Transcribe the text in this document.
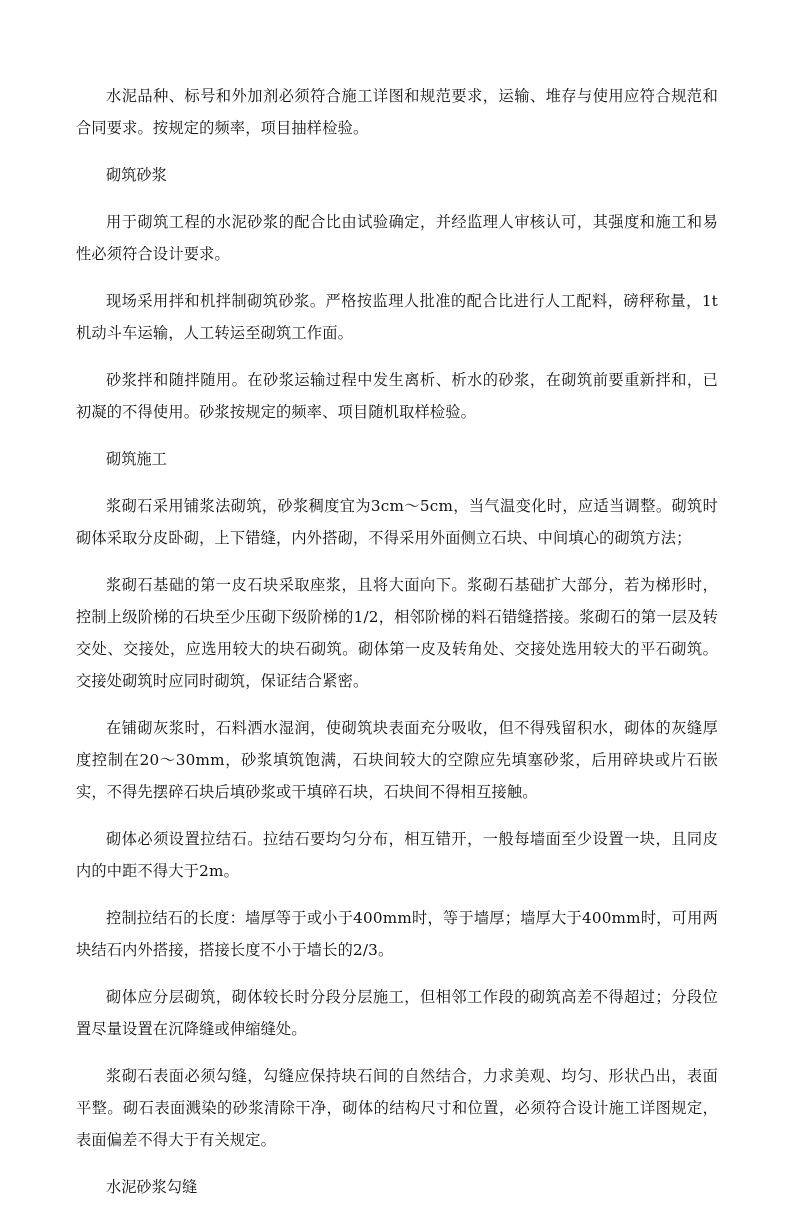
水泥品种、标号和外加剂必须符合施工详图和规范要求，运输、堆存与使用应符合规范和合同要求。按规定的频率，项目抽样检验。

砌筑砂浆

用于砌筑工程的水泥砂浆的配合比由试验确定，并经监理人审核认可，其强度和施工和易性必须符合设计要求。

现场采用拌和机拌制砌筑砂浆。严格按监理人批准的配合比进行人工配料，磅秤称量，1t机动斗车运输，人工转运至砌筑工作面。

砂浆拌和随拌随用。在砂浆运输过程中发生离析、析水的砂浆，在砌筑前要重新拌和，已初凝的不得使用。砂浆按规定的频率、项目随机取样检验。

砌筑施工

浆砌石采用铺浆法砌筑，砂浆稠度宜为3cm～5cm，当气温变化时，应适当调整。砌筑时砌体采取分皮卧砌，上下错缝，内外搭砌，不得采用外面侧立石块、中间填心的砌筑方法；

浆砌石基础的第一皮石块采取座浆，且将大面向下。浆砌石基础扩大部分，若为梯形时，控制上级阶梯的石块至少压砌下级阶梯的1/2，相邻阶梯的料石错缝搭接。浆砌石的第一层及转交处、交接处，应选用较大的块石砌筑。砌体第一皮及转角处、交接处选用较大的平石砌筑。交接处砌筑时应同时砌筑，保证结合紧密。

在铺砌灰浆时，石料洒水湿润，使砌筑块表面充分吸收，但不得残留积水，砌体的灰缝厚度控制在20～30mm，砂浆填筑饱满，石块间较大的空隙应先填塞砂浆，后用碎块或片石嵌实，不得先摆碎石块后填砂浆或干填碎石块，石块间不得相互接触。

砌体必须设置拉结石。拉结石要均匀分布，相互错开，一般每墙面至少设置一块，且同皮内的中距不得大于2m。

控制拉结石的长度：墙厚等于或小于400mm时，等于墙厚；墙厚大于400mm时，可用两块结石内外搭接，搭接长度不小于墙长的2/3。

砌体应分层砌筑，砌体较长时分段分层施工，但相邻工作段的砌筑高差不得超过；分段位置尽量设置在沉降缝或伸缩缝处。

浆砌石表面必须勾缝，勾缝应保持块石间的自然结合，力求美观、均匀、形状凸出，表面平整。砌石表面溅染的砂浆清除干净，砌体的结构尺寸和位置，必须符合设计施工详图规定，表面偏差不得大于有关规定。

水泥砂浆勾缝
